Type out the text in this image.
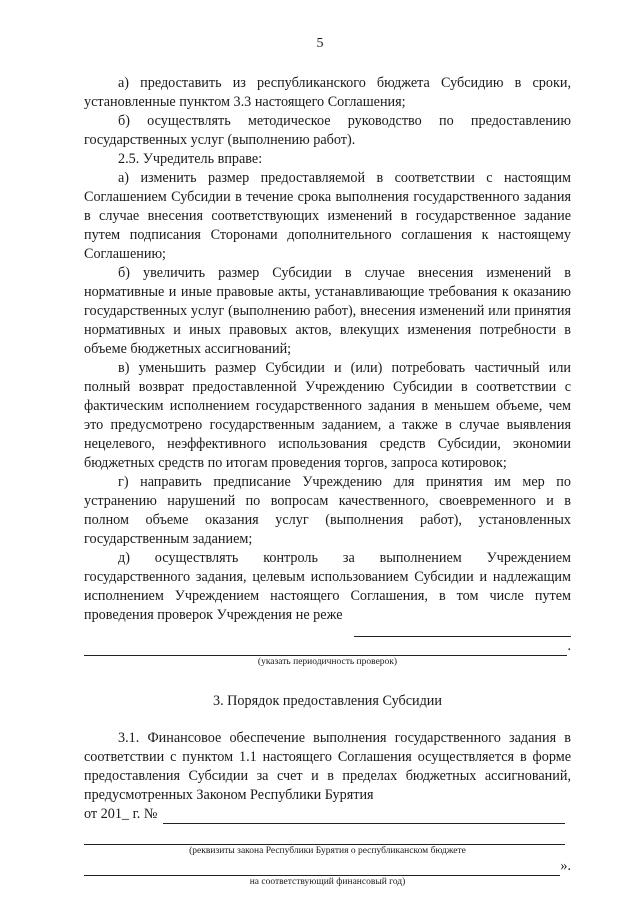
5

а) предоставить из республиканского бюджета Субсидию в сроки, установленные пунктом 3.3 настоящего Соглашения;

б) осуществлять методическое руководство по предоставлению государственных услуг (выполнению работ).

2.5. Учредитель вправе:

а) изменить размер предоставляемой в соответствии с настоящим Соглашением Субсидии в течение срока выполнения государственного задания в случае внесения соответствующих изменений в государственное задание путем подписания Сторонами дополнительного соглашения к настоящему Соглашению;

б) увеличить размер Субсидии в случае внесения изменений в нормативные и иные правовые акты, устанавливающие требования к оказанию государственных услуг (выполнению работ), внесения изменений или принятия нормативных и иных правовых актов, влекущих изменения потребности в объеме бюджетных ассигнований;

в) уменьшить размер Субсидии и (или) потребовать частичный или полный возврат предоставленной Учреждению Субсидии в соответствии с фактическим исполнением государственного задания в меньшем объеме, чем это предусмотрено государственным заданием, а также в случае выявления нецелевого, неэффективного использования средств Субсидии, экономии бюджетных средств по итогам проведения торгов, запроса котировок;

г) направить предписание Учреждению для принятия им мер по устранению нарушений по вопросам качественного, своевременного и в полном объеме оказания услуг (выполнения работ), установленных государственным заданием;

д) осуществлять контроль за выполнением Учреждением государственного задания, целевым использованием Субсидии и надлежащим исполнением Учреждением настоящего Соглашения, в том числе путем проведения проверок Учреждения не реже

.
(указать периодичность проверок)
3. Порядок предоставления Субсидии

3.1. Финансовое обеспечение выполнения государственного задания в соответствии с пунктом 1.1 настоящего Соглашения осуществляется в форме предоставления Субсидии за счет и в пределах бюджетных ассигнований, предусмотренных Законом Республики Бурятия

от 201_ г. №
(реквизиты закона Республики Бурятия о республиканском бюджете
».
на соответствующий финансовый год)
